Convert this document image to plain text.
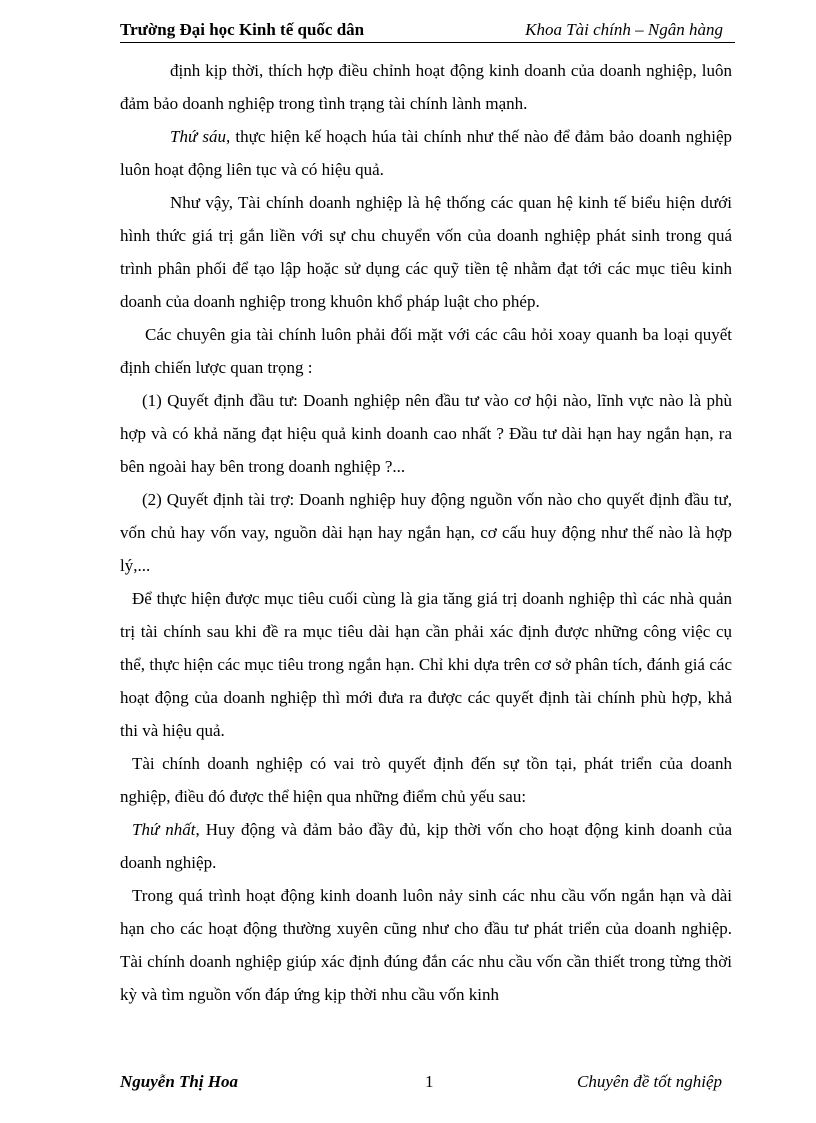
Trường Đại học Kinh tế quốc dân	Khoa Tài chính – Ngân hàng

định kịp thời, thích hợp điều chỉnh hoạt động kinh doanh của doanh nghiệp, luôn đảm bảo doanh nghiệp trong tình trạng tài chính lành mạnh.

Thứ sáu, thực hiện kế hoạch húa tài chính như thế nào để đảm bảo doanh nghiệp luôn hoạt động liên tục và có hiệu quả.

Như vậy, Tài chính doanh nghiệp là hệ thống các quan hệ kinh tế biểu hiện dưới hình thức giá trị gắn liền với sự chu chuyển vốn của doanh nghiệp phát sinh trong quá trình phân phối để tạo lập hoặc sử dụng các quỹ tiền tệ nhằm đạt tới các mục tiêu kinh doanh của doanh nghiệp trong khuôn khổ pháp luật cho phép.

Các chuyên gia tài chính luôn phải đối mặt với các câu hỏi xoay quanh ba loại quyết định chiến lược quan trọng :

(1) Quyết định đầu tư: Doanh nghiệp nên đầu tư vào cơ hội nào, lĩnh vực nào là phù hợp và có khả năng đạt hiệu quả kinh doanh cao nhất ? Đầu tư dài hạn hay ngắn hạn, ra bên ngoài hay bên trong doanh nghiệp ?...

(2) Quyết định tài trợ: Doanh nghiệp huy động nguồn vốn nào cho quyết định đầu tư, vốn chủ hay vốn vay, nguồn dài hạn hay ngắn hạn, cơ cấu huy động như thế nào là hợp lý,...

Để thực hiện được mục tiêu cuối cùng là gia tăng giá trị doanh nghiệp thì các nhà quản trị tài chính sau khi đề ra mục tiêu dài hạn cần phải xác định được những công việc cụ thể, thực hiện các mục tiêu trong ngắn hạn. Chỉ khi dựa trên cơ sở phân tích, đánh giá các hoạt động của doanh nghiệp thì mới đưa ra được các quyết định tài chính phù hợp, khả thi và hiệu quả.

Tài chính doanh nghiệp có vai trò quyết định đến sự tồn tại, phát triển của doanh nghiệp, điều đó được thể hiện qua những điểm chủ yếu sau:

Thứ nhất, Huy động và đảm bảo đầy đủ, kịp thời vốn cho hoạt động kinh doanh của doanh nghiệp.

Trong quá trình hoạt động kinh doanh luôn nảy sinh các nhu cầu vốn ngắn hạn và dài hạn cho các hoạt động thường xuyên cũng như cho đầu tư phát triển của doanh nghiệp. Tài chính doanh nghiệp giúp xác định đúng đắn các nhu cầu vốn cần thiết trong từng thời kỳ và tìm nguồn vốn đáp ứng kịp thời nhu cầu vốn kinh

Nguyễn Thị Hoa	1	Chuyên đề tốt nghiệp
